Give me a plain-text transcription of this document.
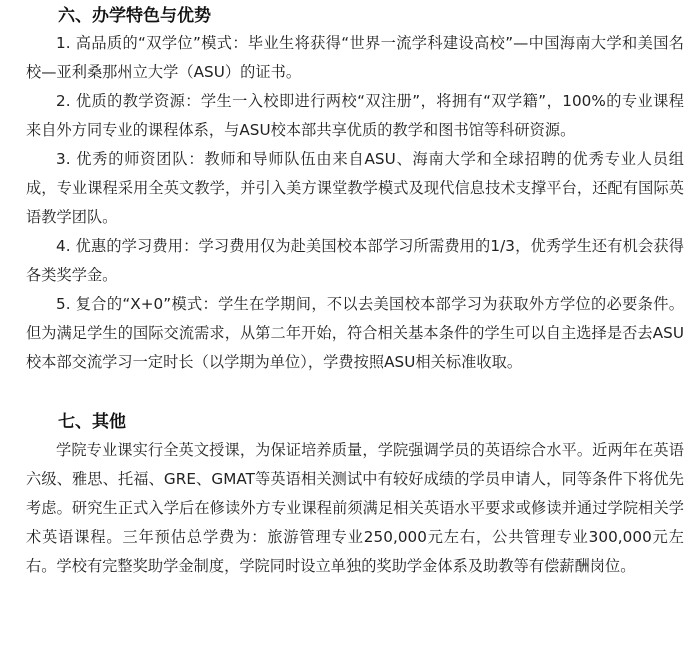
六、办学特色与优势

1. 高品质的“双学位”模式：毕业生将获得“世界一流学科建设高校”—中国海南大学和美国名校—亚利桑那州立大学（ASU）的证书。

2. 优质的教学资源：学生一入校即进行两校“双注册”，将拥有“双学籍”，100%的专业课程来自外方同专业的课程体系，与ASU校本部共享优质的教学和图书馆等科研资源。

3. 优秀的师资团队：教师和导师队伍由来自ASU、海南大学和全球招聘的优秀专业人员组成，专业课程采用全英文教学，并引入美方课堂教学模式及现代信息技术支撑平台，还配有国际英语教学团队。

4. 优惠的学习费用：学习费用仅为赴美国校本部学习所需费用的1/3，优秀学生还有机会获得各类奖学金。

5. 复合的“X+0”模式：学生在学期间，不以去美国校本部学习为获取外方学位的必要条件。但为满足学生的国际交流需求，从第二年开始，符合相关基本条件的学生可以自主选择是否去ASU校本部交流学习一定时长（以学期为单位），学费按照ASU相关标准收取。

七、其他

学院专业课实行全英文授课，为保证培养质量，学院强调学员的英语综合水平。近两年在英语六级、雅思、托福、GRE、GMAT等英语相关测试中有较好成绩的学员申请人，同等条件下将优先考虑。研究生正式入学后在修读外方专业课程前须满足相关英语水平要求或修读并通过学院相关学术英语课程。三年预估总学费为：旅游管理专业250,000元左右，公共管理专业300,000元左右。学校有完整奖助学金制度，学院同时设立单独的奖助学金体系及助教等有偿薪酬岗位。
